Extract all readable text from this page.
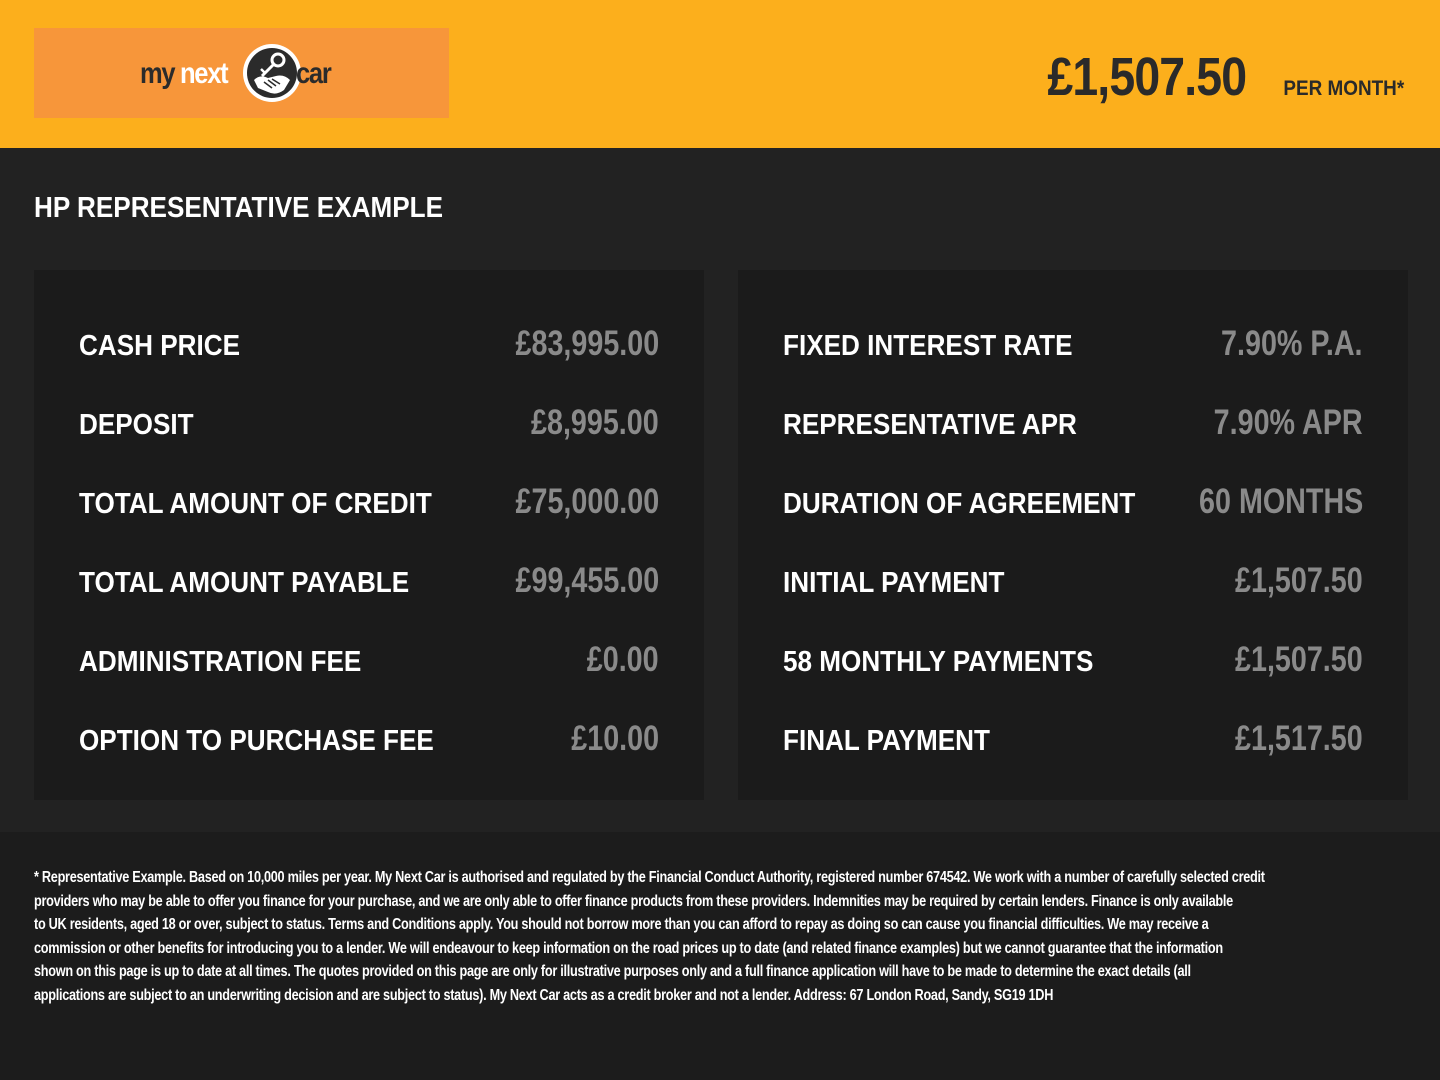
my next car	£1,507.50 PER MONTH*
HP REPRESENTATIVE EXAMPLE
CASH PRICE	£83,995.00
DEPOSIT	£8,995.00
TOTAL AMOUNT OF CREDIT £75,000.00
TOTAL AMOUNT PAYABLE	£99,455.00
ADMINISTRATION FEE	£0.00
OPTION TO PURCHASE FEE	£10.00
FIXED INTEREST RATE	7.90% P.A.
REPRESENTATIVE APR	7.90% APR
DURATION OF AGREEMENT 60 MONTHS
INITIAL PAYMENT	£1,507.50
58 MONTHLY PAYMENTS	£1,507.50
FINAL PAYMENT	£1,517.50
* Representative Example. Based on 10,000 miles per year. My Next Car is authorised and regulated by the Financial Conduct Authority, registered number 674542. We work with a number of carefully selected credit
providers who may be able to offer you finance for your purchase, and we are only able to offer finance products from these providers. Indemnities may be required by certain lenders. Finance is only available
to UK residents, aged 18 or over, subject to status. Terms and Conditions apply. You should not borrow more than you can afford to repay as doing so can cause you financial difficulties. We may receive a
commission or other benefits for introducing you to a lender. We will endeavour to keep information on the road prices up to date (and related finance examples) but we cannot guarantee that the information
shown on this page is up to date at all times. The quotes provided on this page are only for illustrative purposes only and a full finance application will have to be made to determine the exact details (all
applications are subject to an underwriting decision and are subject to status). My Next Car acts as a credit broker and not a lender. Address: 67 London Road, Sandy, SG19 1DH
